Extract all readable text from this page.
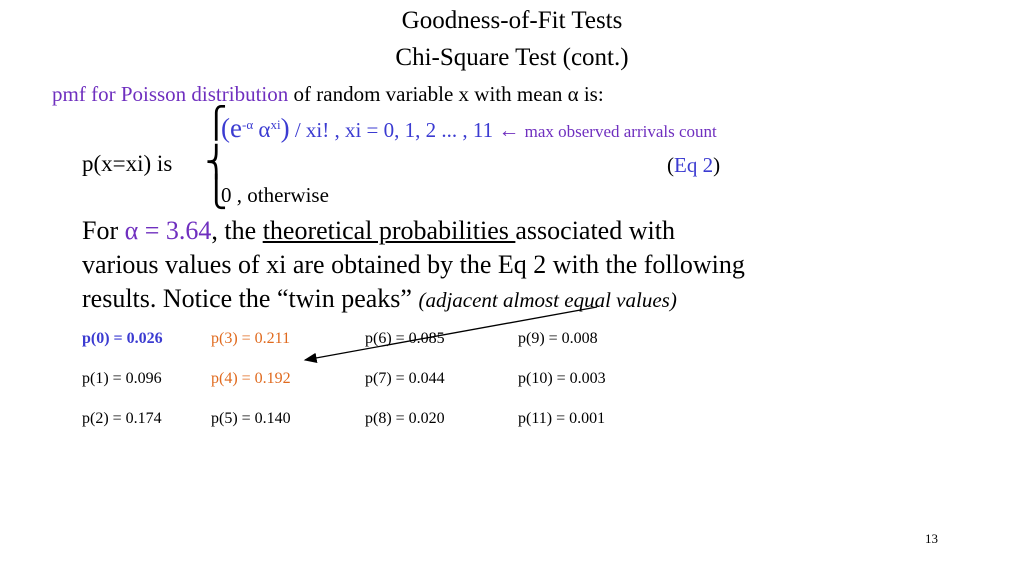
Goodness-of-Fit Tests
Chi-Square Test (cont.)
pmf for Poisson distribution of random variable x with mean α is:
⎧
⎨
⎩
($e^{-\alpha}$ $\alpha^{xi}$) / xi! , xi = 0, 1, 2 ... , 11 ← max observed arrivals count
p(x=xi) is	(Eq 2)
0 , otherwise
For α = 3.64, the theoretical probabilities associated with
various values of xi are obtained by the Eq 2 with the following
results. Notice the “twin peaks” (adjacent almost equal values)
p(0) = 0.026	p(3) = 0.211	p(6) = 0.085	p(9) = 0.008
p(1) = 0.096	p(4) = 0.192	p(7) = 0.044	p(10) = 0.003
p(2) = 0.174	p(5) = 0.140	p(8) = 0.020	p(11) = 0.001
13
